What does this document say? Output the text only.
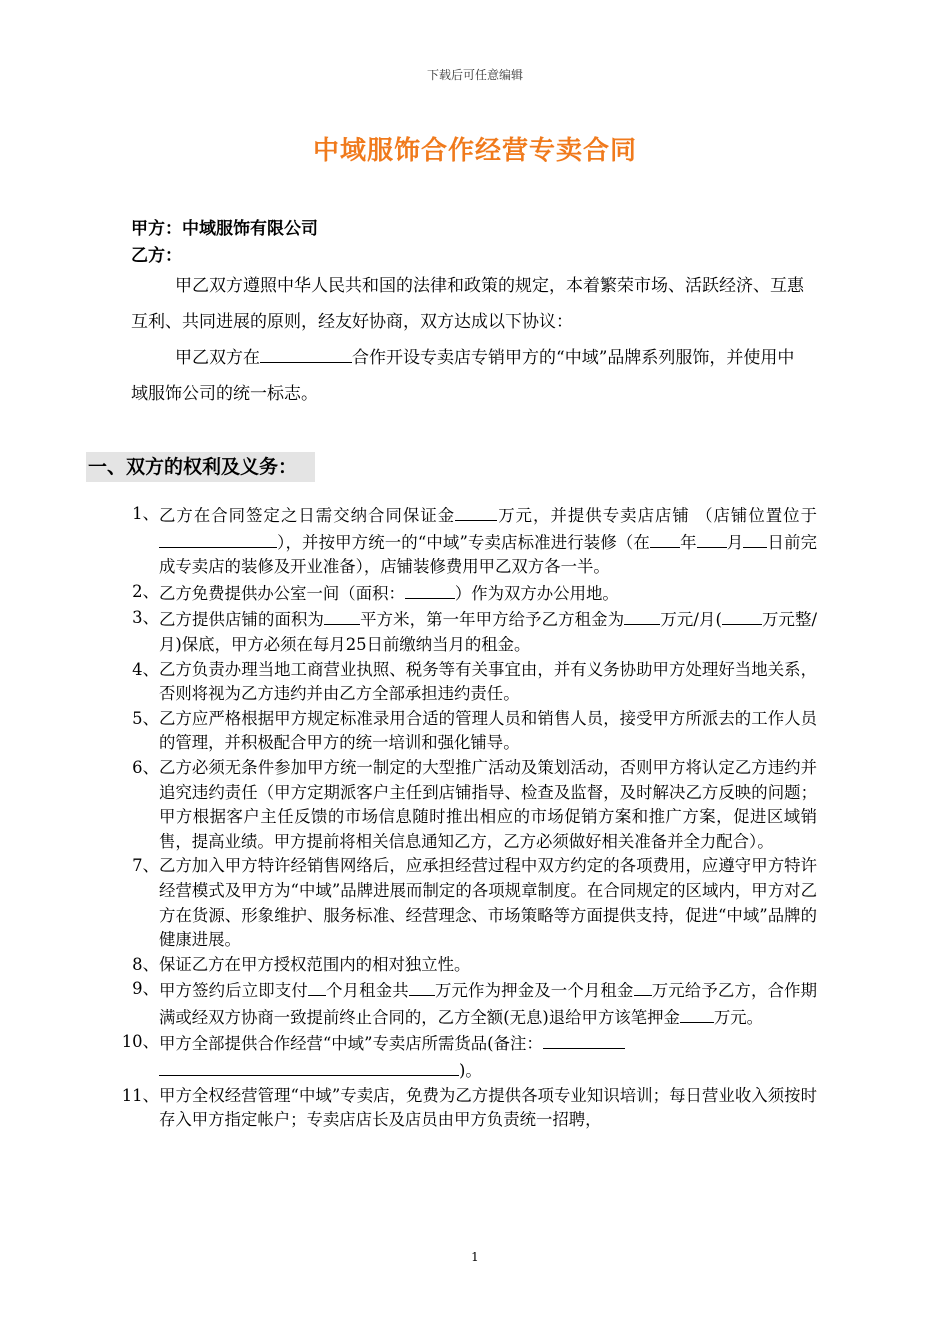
下载后可任意编辑
中域服饰合作经营专卖合同
甲方：中域服饰有限公司
乙方：
甲乙双方遵照中华人民共和国的法律和政策的规定，本着繁荣市场、活跃经济、互惠互利、共同进展的原则，经友好协商，双方达成以下协议：
甲乙双方在	合作开设专卖店专销甲方的“中域”品牌系列服饰，并使用中域服饰公司的统一标志。
一、双方的权利及义务：
1、 乙方在合同签定之日需交纳合同保证金	万元，并提供专卖店店铺 （店铺位置位于），并按甲方统一的“中域”专卖店标准进行装修（在 年 月 日前完成专卖店的装修及开业准备），店铺装修费用甲乙双方各一半。
2、 乙方免费提供办公室一间（面积：	）作为双方办公用地。
3、 乙方提供店铺的面积为 平方米，第一年甲方给予乙方租金为 万元/月( 万元整/月)保底，甲方必须在每月25日前缴纳当月的租金。
4、 乙方负责办理当地工商营业执照、税务等有关事宜由，并有义务协助甲方处理好当地关系，否则将视为乙方违约并由乙方全部承担违约责任。
5、 乙方应严格根据甲方规定标准录用合适的管理人员和销售人员，接受甲方所派去的工作人员的管理，并积极配合甲方的统一培训和强化铺导。
6、 乙方必须无条件参加甲方统一制定的大型推广活动及策划活动，否则甲方将认定乙方违约并追究违约责任（甲方定期派客户主任到店铺指导、检查及监督，及时解决乙方反映的问题；甲方根据客户主任反馈的市场信息随时推出相应的市场促销方案和推广方案，促进区域销售，提高业绩。甲方提前将相关信息通知乙方，乙方必须做好相关准备并全力配合）。
7、 乙方加入甲方特许经销售网络后，应承担经营过程中双方约定的各项费用，应遵守甲方特许经营模式及甲方为“中域”品牌进展而制定的各项规章制度。在合同规定的区域内，甲方对乙方在货源、形象维护、服务标准、经营理念、市场策略等方面提供支持，促进“中域”品牌的健康进展。
8、 保证乙方在甲方授权范围内的相对独立性。
9、 甲方签约后立即支付 个月租金共 万元作为押金及一个月租金 万元给予乙方，合作期满或经双方协商一致提前终止合同的，乙方全额(无息)退给甲方该笔押金 万元。
10、 甲方全部提供合作经营“中域”专卖店所需货品(备注：
)。
11、 甲方全权经营管理“中域”专卖店，免费为乙方提供各项专业知识培训；每日营业收入须按时存入甲方指定帐户；专卖店店长及店员由甲方负责统一招聘，
1
